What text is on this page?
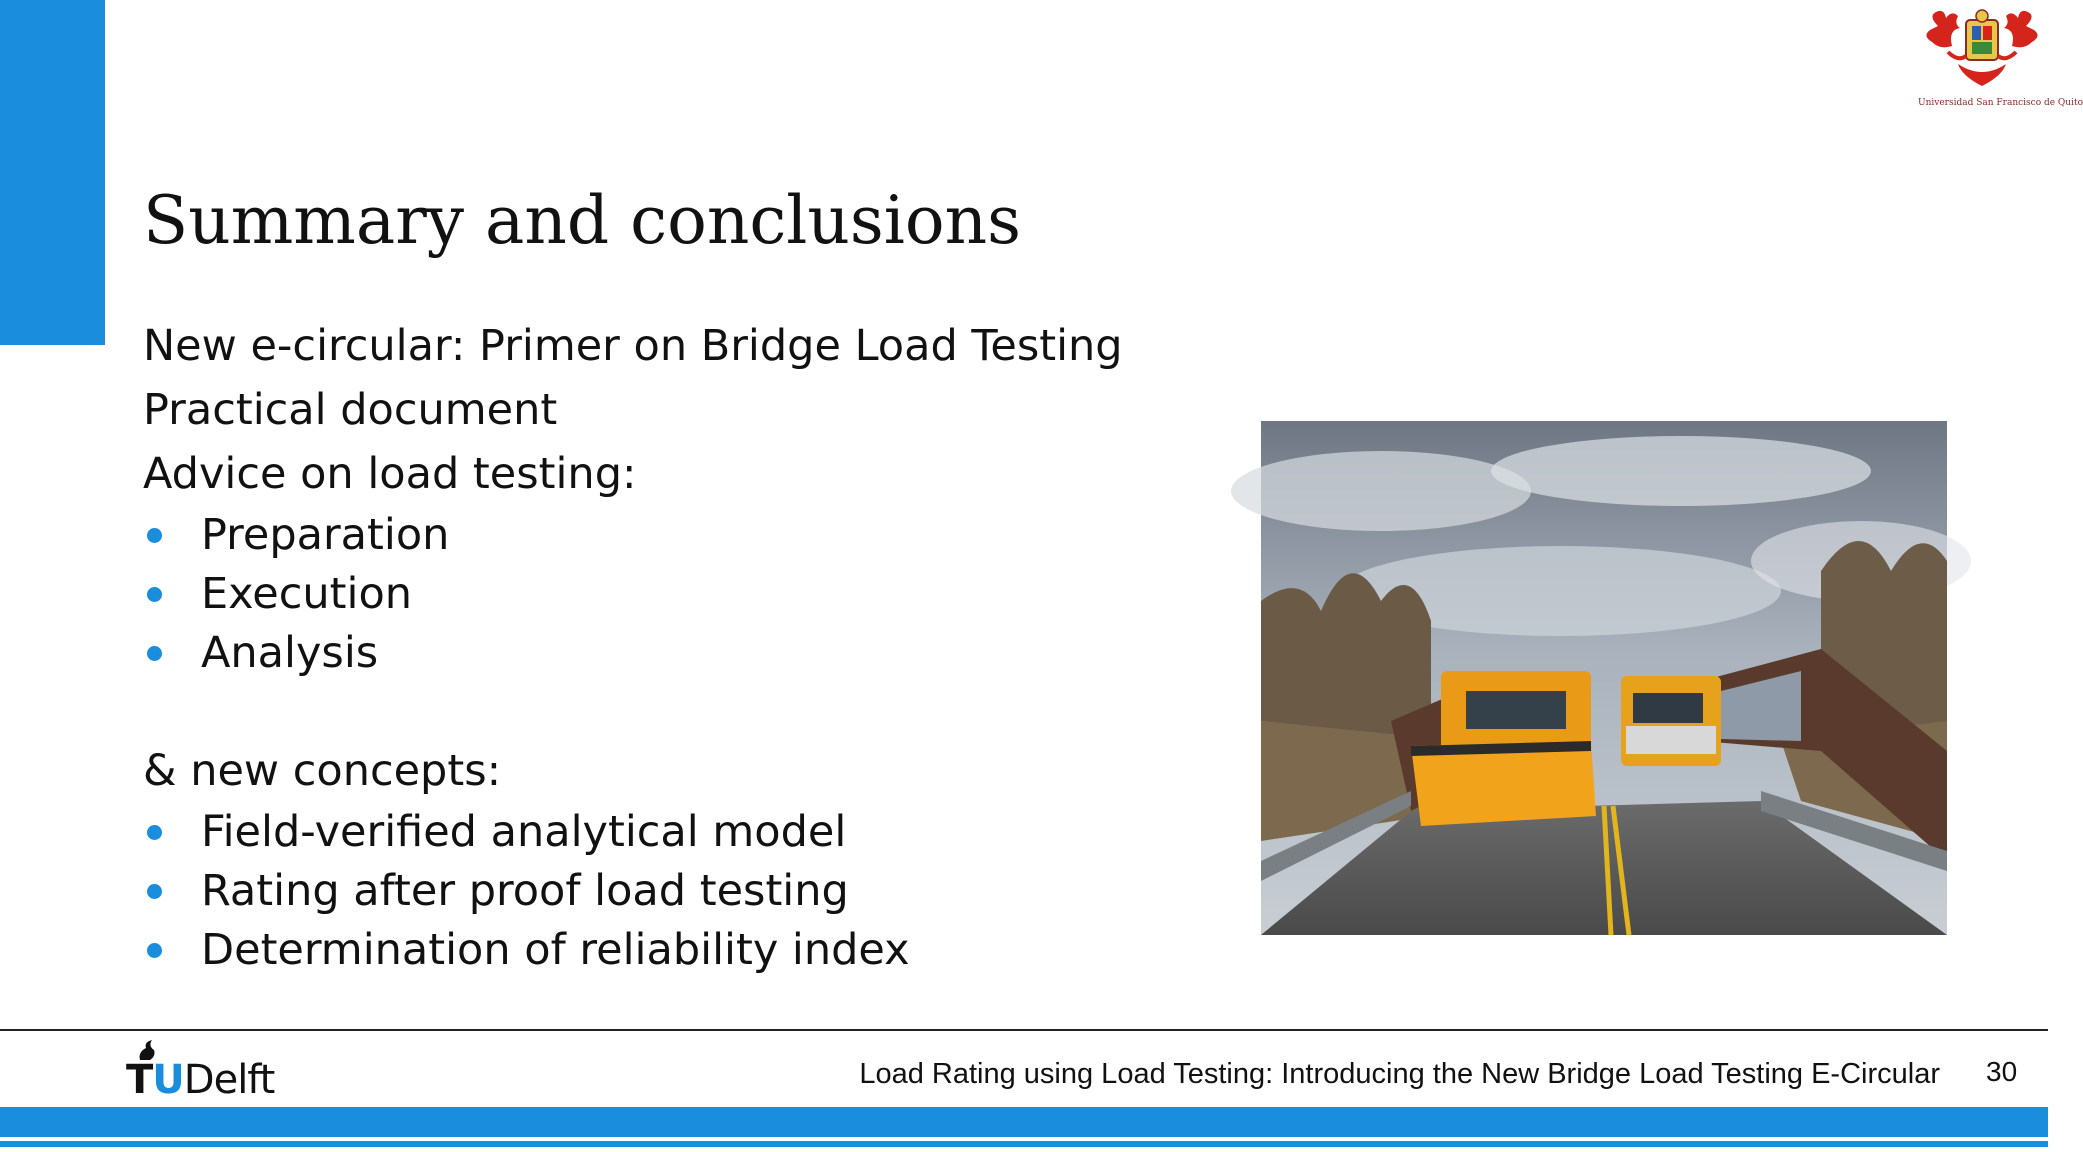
Universidad San Francisco de Quito
Summary and conclusions
New e-circular: Primer on Bridge Load Testing
Practical document
Advice on load testing:
Preparation
Execution
Analysis
& new concepts:
Field-verified analytical model
Rating after proof load testing
Determination of reliability index
TUDelft	Load Rating using Load Testing: Introducing the New Bridge Load Testing E-Circular 30
